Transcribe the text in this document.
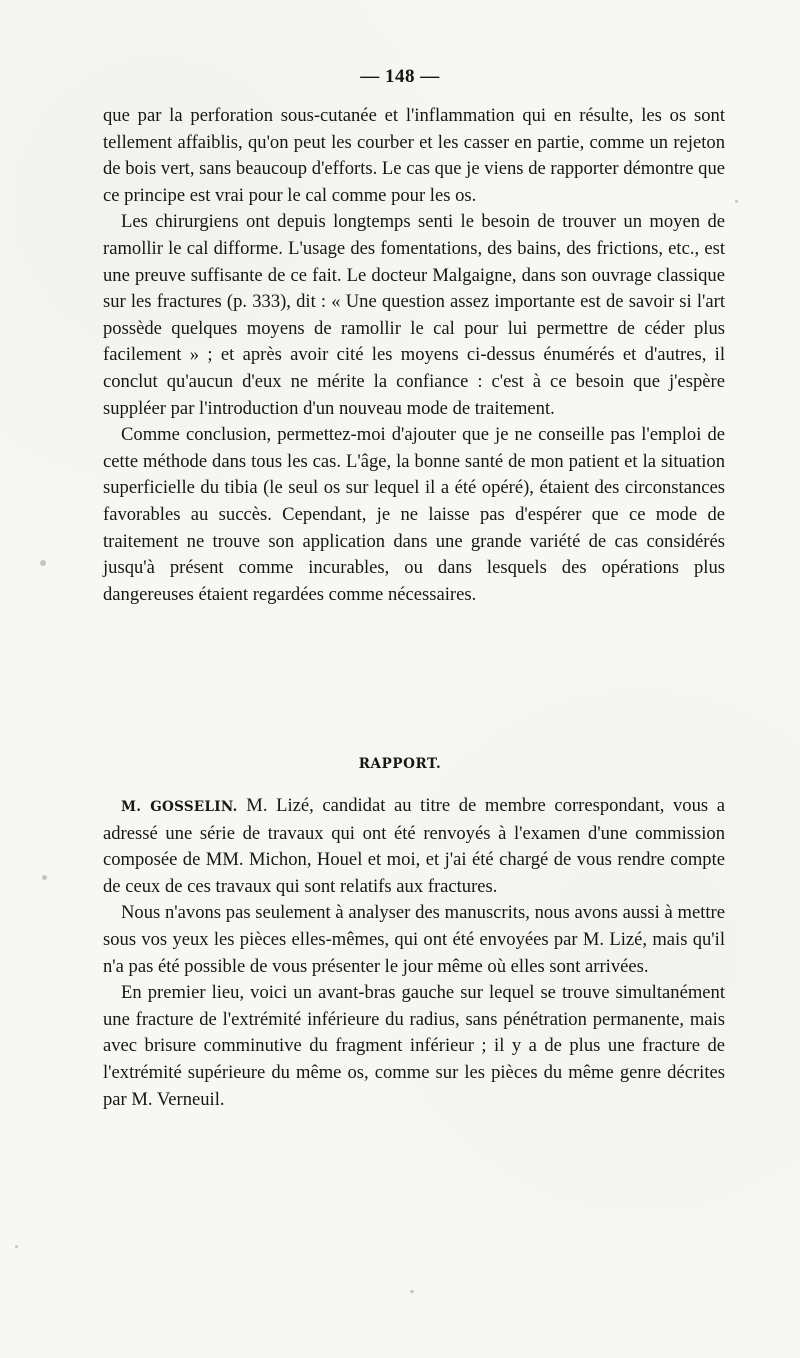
— 148 —

que par la perforation sous-cutanée et l'inflammation qui en résulte, les os sont tellement affaiblis, qu'on peut les courber et les casser en partie, comme un rejeton de bois vert, sans beaucoup d'efforts. Le cas que je viens de rapporter démontre que ce principe est vrai pour le cal comme pour les os.

Les chirurgiens ont depuis longtemps senti le besoin de trouver un moyen de ramollir le cal difforme. L'usage des fomentations, des bains, des frictions, etc., est une preuve suffisante de ce fait. Le docteur Malgaigne, dans son ouvrage classique sur les fractures (p. 333), dit : « Une question assez importante est de savoir si l'art possède quelques moyens de ramollir le cal pour lui permettre de céder plus facilement » ; et après avoir cité les moyens ci-dessus énumérés et d'autres, il conclut qu'aucun d'eux ne mérite la confiance : c'est à ce besoin que j'espère suppléer par l'introduction d'un nouveau mode de traitement.

Comme conclusion, permettez-moi d'ajouter que je ne conseille pas l'emploi de cette méthode dans tous les cas. L'âge, la bonne santé de mon patient et la situation superficielle du tibia (le seul os sur lequel il a été opéré), étaient des circonstances favorables au succès. Cependant, je ne laisse pas d'espérer que ce mode de traitement ne trouve son application dans une grande variété de cas considérés jusqu'à présent comme incurables, ou dans lesquels des opérations plus dangereuses étaient regardées comme nécessaires.

RAPPORT.

M. GOSSELIN. M. Lizé, candidat au titre de membre correspondant, vous a adressé une série de travaux qui ont été renvoyés à l'examen d'une commission composée de MM. Michon, Houel et moi, et j'ai été chargé de vous rendre compte de ceux de ces travaux qui sont relatifs aux fractures.

Nous n'avons pas seulement à analyser des manuscrits, nous avons aussi à mettre sous vos yeux les pièces elles-mêmes, qui ont été envoyées par M. Lizé, mais qu'il n'a pas été possible de vous présenter le jour même où elles sont arrivées.

En premier lieu, voici un avant-bras gauche sur lequel se trouve simultanément une fracture de l'extrémité inférieure du radius, sans pénétration permanente, mais avec brisure comminutive du fragment inférieur ; il y a de plus une fracture de l'extrémité supérieure du même os, comme sur les pièces du même genre décrites par M. Verneuil.
